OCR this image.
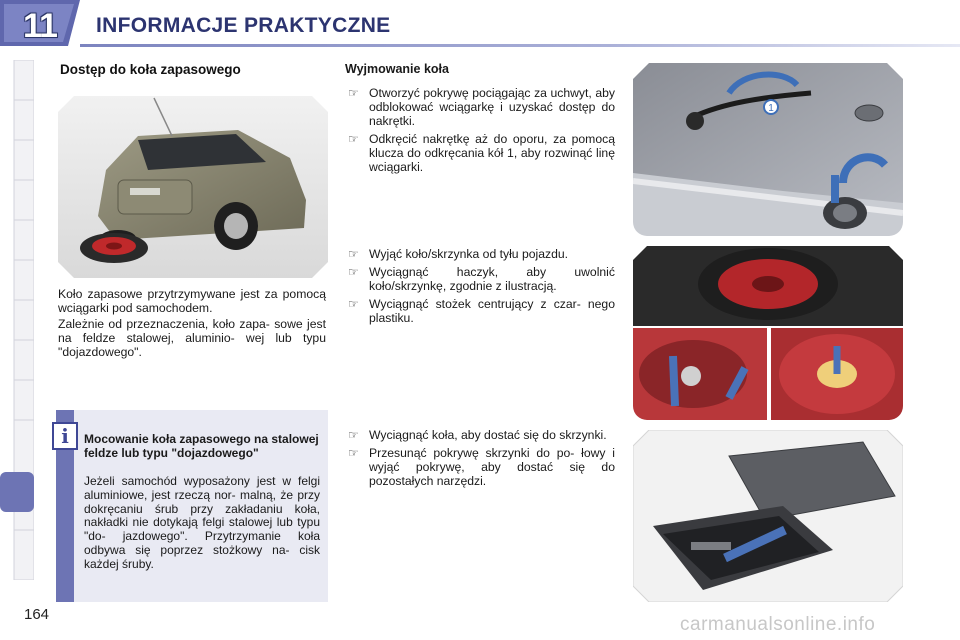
11	INFORMACJE PRAKTYCZNE
164
Dostęp do koła zapasowego
Koło zapasowe przytrzymywane jest za pomocą wciągarki pod samochodem.
Zależnie od przeznaczenia, koło zapa- sowe jest na feldze stalowej, aluminio- wej lub typu "dojazdowego".
i	Mocowanie koła zapasowego na stalowej feldze lub typu "dojazdowego"
Jeżeli samochód wyposażony jest w felgi aluminiowe, jest rzeczą nor- malną, że przy dokręcaniu śrub przy zakładaniu koła, nakładki nie dotykają felgi stalowej lub typu "do- jazdowego". Przytrzymanie koła odbywa się poprzez stożkowy na- cisk każdej śruby.
Wyjmowanie koła
☞ Otworzyć pokrywę pociągając za uchwyt, aby odblokować wciągarkę i uzyskać dostęp do nakrętki.
☞ Odkręcić nakrętkę aż do oporu, za pomocą klucza do odkręcania kół 1, aby rozwinąć linę wciągarki.
☞ Wyjąć koło/skrzynka od tyłu pojazdu.
☞ Wyciągnąć haczyk, aby uwolnić koło/skrzynkę, zgodnie z ilustracją.
☞ Wyciągnąć stożek centrujący z czar- nego plastiku.
☞ Wyciągnąć koła, aby dostać się do skrzynki.
☞ Przesunąć pokrywę skrzynki do po- łowy i wyjąć pokrywę, aby dostać się do pozostałych narzędzi.
1
carmanualsonline.info
